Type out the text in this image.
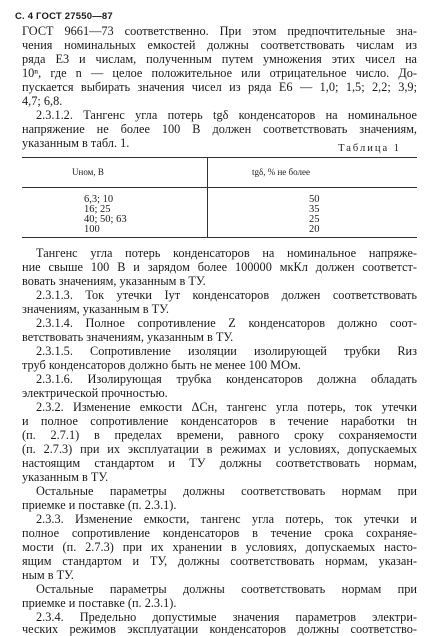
С. 4 ГОСТ 27550—87
ГОСТ 9661—73 соответственно. При этом предпочтительные зна-
чения номинальных емкостей должны соответствовать числам из
ряда Е3 и числам, полученным путем умножения этих чисел на
10ⁿ, где n — целое положительное или отрицательное число. До-
пускается выбирать значения чисел из ряда Е6 — 1,0; 1,5; 2,2; 3,9;
4,7; 6,8.
2.3.1.2. Тангенс угла потерь tgδ конденсаторов на номинальное
напряжение не более 100 В должен соответствовать значениям,
указанным в табл. 1.	Таблица 1
Uном, В	tgδ, % не более
6,3; 10	50
16; 25	35
40; 50; 63	25
100	20
Тангенс угла потерь конденсаторов на номинальное напряже-
ние свыше 100 В и зарядом более 100000 мкКл должен соответст-
вовать значениям, указанным в ТУ.
2.3.1.3. Ток утечки Iут конденсаторов должен соответствовать
значениям, указанным в ТУ.
2.3.1.4. Полное сопротивление Z конденсаторов должно соот-
ветствовать значениям, указанным в ТУ.
2.3.1.5. Сопротивление изоляции изолирующей трубки Rиз
труб конденсаторов должно быть не менее 100 МОм.
2.3.1.6. Изолирующая трубка конденсаторов должна обладать
электрической прочностью.
2.3.2. Изменение емкости ΔCн, тангенс угла потерь, ток утечки
и полное сопротивление конденсаторов в течение наработки tн
(п. 2.7.1) в пределах времени, равного сроку сохраняемости
(п. 2.7.3) при их эксплуатации в режимах и условиях, допускаемых
настоящим стандартом и ТУ должны соответствовать нормам,
указанным в ТУ.
Остальные параметры должны соответствовать нормам при
приемке и поставке (п. 2.3.1).
2.3.3. Изменение емкости, тангенс угла потерь, ток утечки и
полное сопротивление конденсаторов в течение срока сохраняе-
мости (п. 2.7.3) при их хранении в условиях, допускаемых насто-
ящим стандартом и ТУ, должны соответствовать нормам, указан-
ным в ТУ.
Остальные параметры должны соответствовать нормам при
приемке и поставке (п. 2.3.1).
2.3.4. Предельно допустимые значения параметров электри-
ческих режимов эксплуатации конденсаторов должны соответство-
